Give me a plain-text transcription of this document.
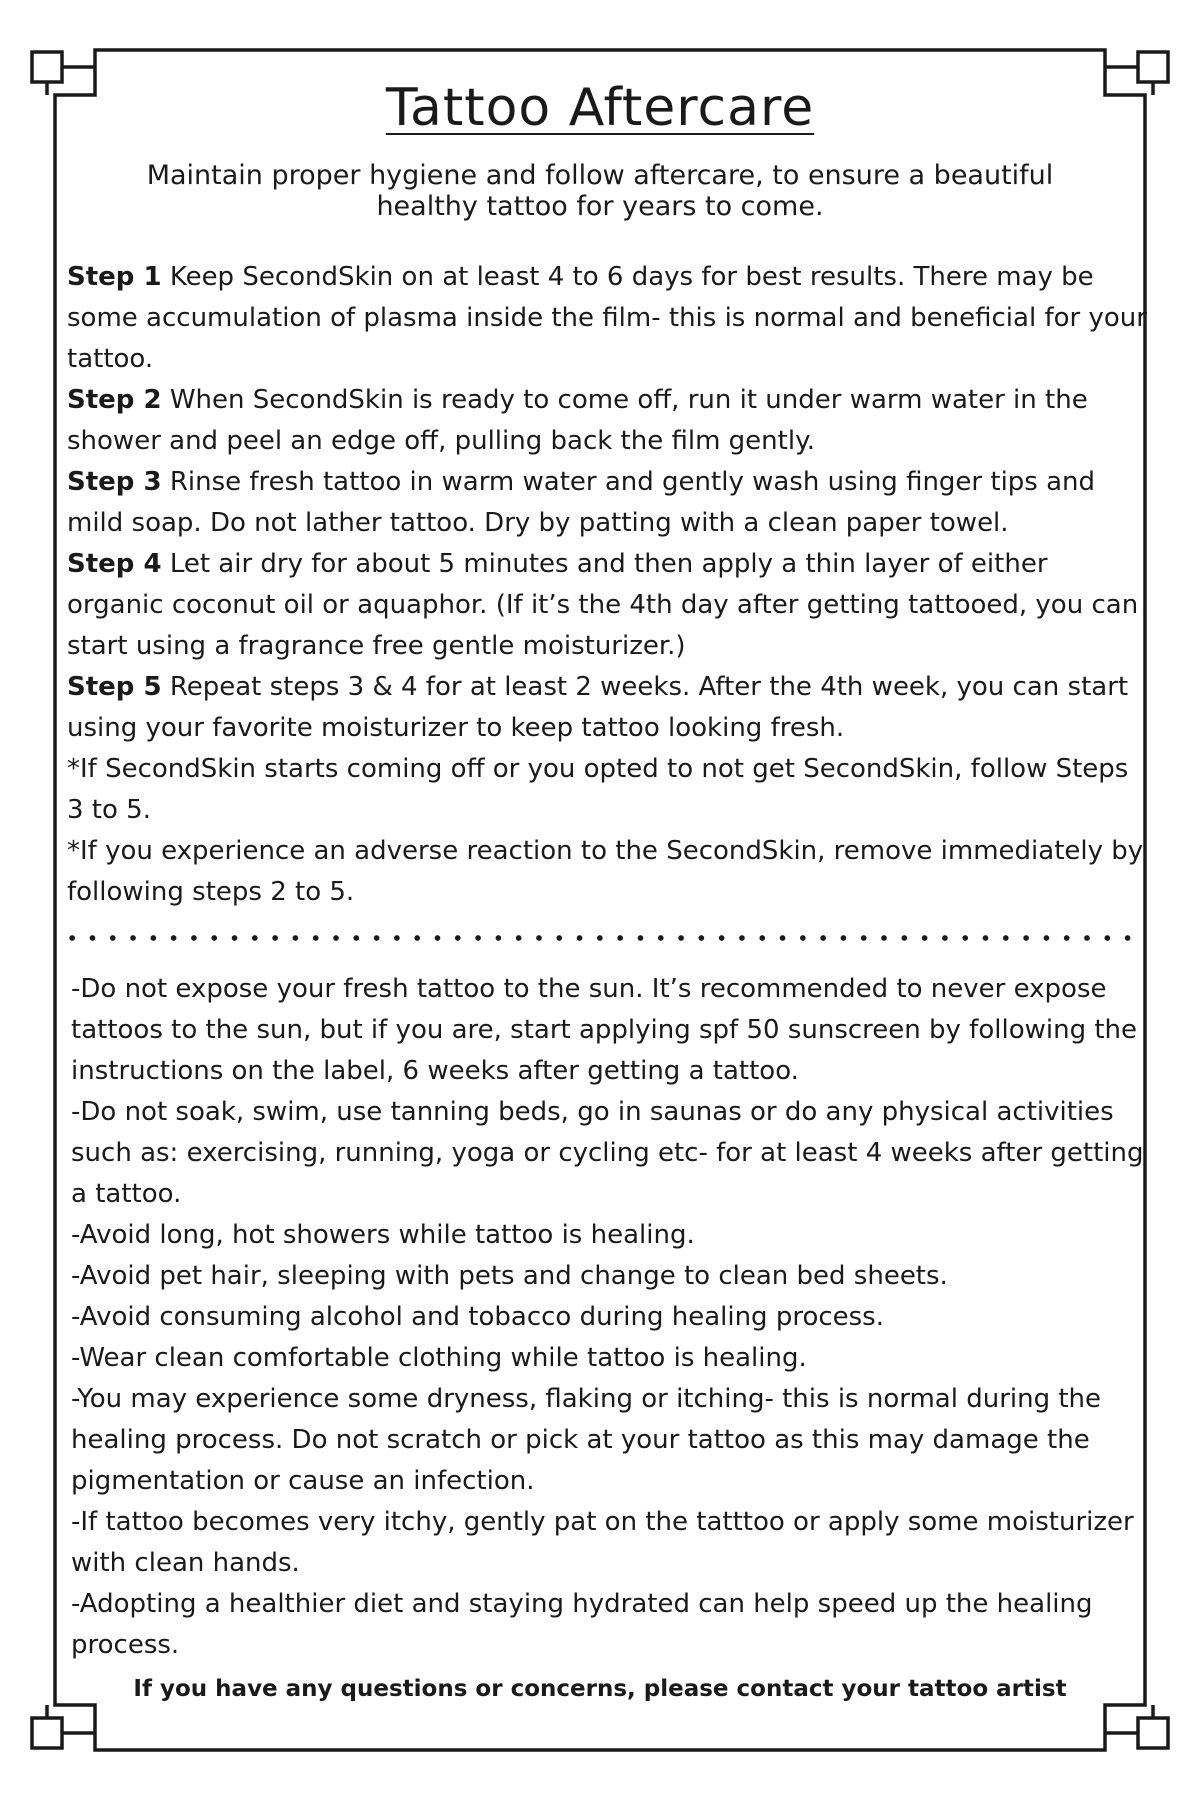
Tattoo Aftercare

Maintain proper hygiene and follow aftercare, to ensure a beautiful healthy tattoo for years to come.

Step 1 Keep SecondSkin on at least 4 to 6 days for best results. There may be some accumulation of plasma inside the film- this is normal and beneficial for your tattoo.

Step 2 When SecondSkin is ready to come off, run it under warm water in the shower and peel an edge off, pulling back the film gently.

Step 3 Rinse fresh tattoo in warm water and gently wash using finger tips and mild soap. Do not lather tattoo. Dry by patting with a clean paper towel.

Step 4 Let air dry for about 5 minutes and then apply a thin layer of either organic coconut oil or aquaphor. (If it’s the 4th day after getting tattooed, you can start using a fragrance free gentle moisturizer.)

Step 5 Repeat steps 3 & 4 for at least 2 weeks. After the 4th week, you can start using your favorite moisturizer to keep tattoo looking fresh.

*If SecondSkin starts coming off or you opted to not get SecondSkin, follow Steps 3 to 5.

*If you experience an adverse reaction to the SecondSkin, remove immediately by following steps 2 to 5.

-Do not expose your fresh tattoo to the sun. It’s recommended to never expose tattoos to the sun, but if you are, start applying spf 50 sunscreen by following the instructions on the label, 6 weeks after getting a tattoo.

-Do not soak, swim, use tanning beds, go in saunas or do any physical activities such as: exercising, running, yoga or cycling etc- for at least 4 weeks after getting a tattoo.

-Avoid long, hot showers while tattoo is healing.

-Avoid pet hair, sleeping with pets and change to clean bed sheets.

-Avoid consuming alcohol and tobacco during healing process.

-Wear clean comfortable clothing while tattoo is healing.

-You may experience some dryness, flaking or itching- this is normal during the healing process. Do not scratch or pick at your tattoo as this may damage the pigmentation or cause an infection.

-If tattoo becomes very itchy, gently pat on the tatttoo or apply some moisturizer with clean hands.

-Adopting a healthier diet and staying hydrated can help speed up the healing process.

If you have any questions or concerns, please contact your tattoo artist
